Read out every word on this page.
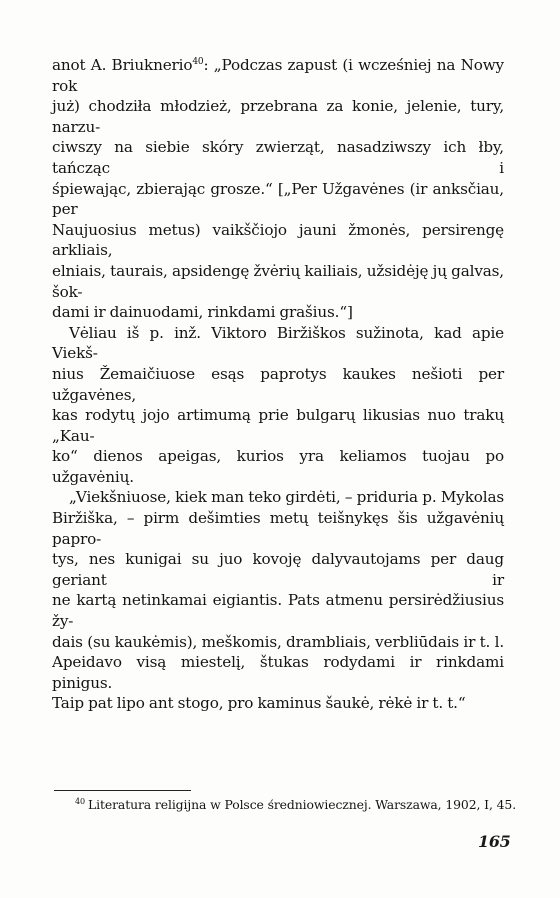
anot A. Briuknerio$^{40}$: „Podczas zapust (i wcześniej na Nowy rok
już) chodziła młodzież, przebrana za konie, jelenie, tury, narzu-
ciwszy na siebie skóry zwierząt, nasadziwszy ich łby, tańcząc i
śpiewając, zbierając grosze.“ [„Per Užgavėnes (ir anksčiau, per
Naujuosius metus) vaikščiojo jauni žmonės, persirengę arkliais,
elniais, taurais, apsidengę žvėrių kailiais, užsidėję jų galvas, šok-
dami ir dainuodami, rinkdami grašius.“]

Vėliau iš p. inž. Viktoro Biržiškos sužinota, kad apie Viekš-
nius Žemaičiuose esąs paprotys kaukes nešioti per užgavėnes,
kas rodytų jojo artimumą prie bulgarų likusias nuo trakų „Kau-
ko“ dienos apeigas, kurios yra keliamos tuojau po užgavėnių.

„Viekšniuose, kiek man teko girdėti, – priduria p. Mykolas
Biržiška, – pirm dešimties metų teišnykęs šis užgavėnių papro-
tys, nes kunigai su juo kovoję dalyvautojams per daug geriant ir
ne kartą netinkamai eigiantis. Pats atmenu persirėdžiusius žy-
dais (su kaukėmis), meškomis, drambliais, verbliūdais ir t. l.
Apeidavo visą miestelį, štukas rodydami ir rinkdami pinigus.
Taip pat lipo ant stogo, pro kaminus šaukė, rėkė ir t. t.“

$^{40}$ Literatura religijna w Polsce średniowiecznej. Warszawa, 1902, I, 45.
165
